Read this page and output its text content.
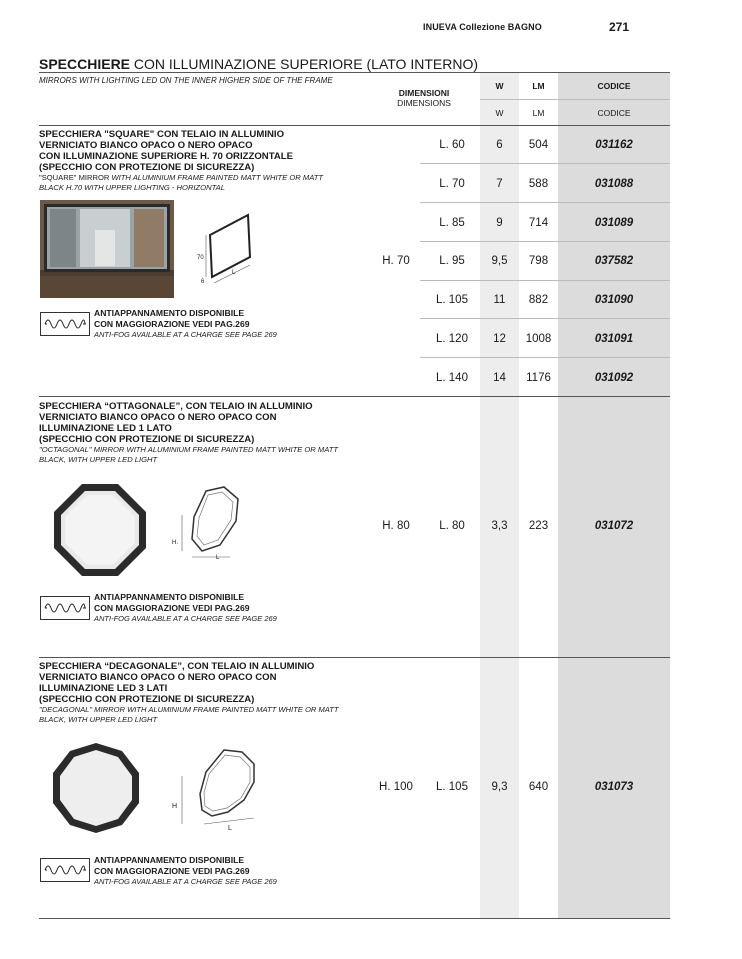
INUEVA Collezione BAGNO	271
SPECCHIERE CON ILLUMINAZIONE SUPERIORE (LATO INTERNO)
MIRRORS WITH LIGHTING LED ON THE INNER HIGHER SIDE OF THE FRAME
DIMENSIONI
DIMENSIONS
W	LM	CODICE
W	LM	CODICE
SPECCHIERA "SQUARE" CON TELAIO IN ALLUMINIO
VERNICIATO BIANCO OPACO O NERO OPACO
CON ILLUMINAZIONE SUPERIORE H. 70 ORIZZONTALE
(SPECCHIO CON PROTEZIONE DI SICUREZZA)
"SQUARE" MIRROR WITH ALUMINIUM FRAME PAINTED MATT WHITE OR MATT
BLACK H.70 WITH UPPER LIGHTING - HORIZONTAL
70
L
6
ANTIAPPANNAMENTO DISPONIBILE
CON MAGGIORAZIONE VEDI PAG.269
ANTI-FOG AVAILABLE AT A CHARGE SEE PAGE 269
H. 70
L. 60	6	504	031162
L. 70	7	588	031088
L. 85	9	714	031089
L. 95	9,5	798	037582
L. 105	11	882	031090
L. 120	12	1008	031091
L. 140	14	1176	031092
SPECCHIERA “OTTAGONALE”, CON TELAIO IN ALLUMINIO
VERNICIATO BIANCO OPACO O NERO OPACO CON
ILLUMINAZIONE LED 1 LATO
(SPECCHIO CON PROTEZIONE DI SICUREZZA)
"OCTAGONAL" MIRROR WITH ALUMINIUM FRAME PAINTED MATT WHITE OR MATT
BLACK, WITH UPPER LED LIGHT
H.
L
ANTIAPPANNAMENTO DISPONIBILE
CON MAGGIORAZIONE VEDI PAG.269
ANTI-FOG AVAILABLE AT A CHARGE SEE PAGE 269
H. 80	L. 80	3,3	223	031072
SPECCHIERA “DECAGONALE”, CON TELAIO IN ALLUMINIO
VERNICIATO BIANCO OPACO O NERO OPACO CON
ILLUMINAZIONE LED 3 LATI
(SPECCHIO CON PROTEZIONE DI SICUREZZA)
"DECAGONAL" MIRROR WITH ALUMINIUM FRAME PAINTED MATT WHITE OR MATT
BLACK, WITH UPPER LED LIGHT
H
L
ANTIAPPANNAMENTO DISPONIBILE
CON MAGGIORAZIONE VEDI PAG.269
ANTI-FOG AVAILABLE AT A CHARGE SEE PAGE 269
H. 100	L. 105	9,3	640	031073
